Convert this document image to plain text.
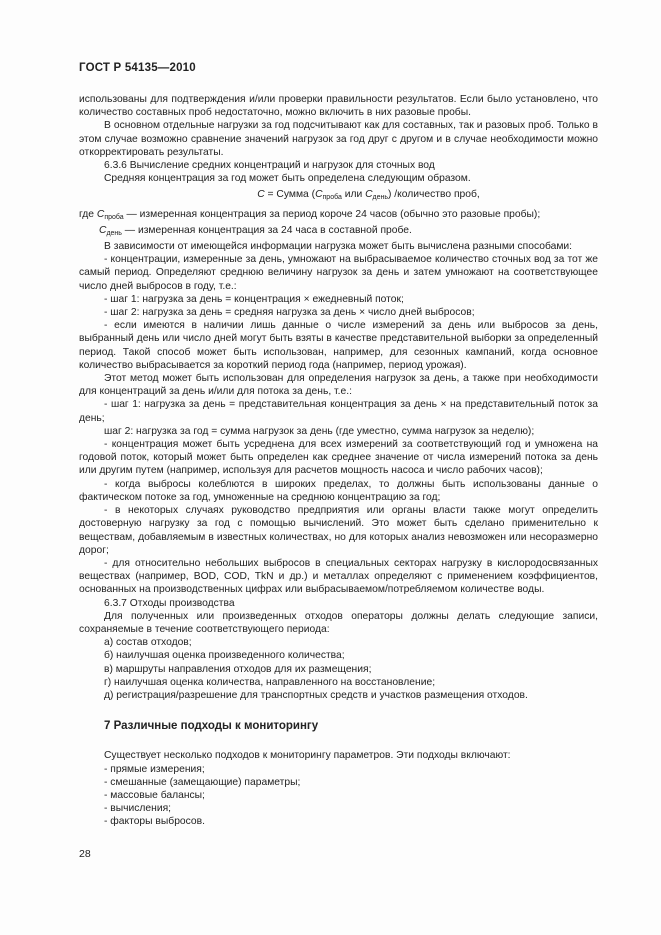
ГОСТ Р 54135—2010

использованы для подтверждения и/или проверки правильности результатов. Если было установлено, что количество составных проб недостаточно, можно включить в них разовые пробы.

В основном отдельные нагрузки за год подсчитывают как для составных, так и разовых проб. Только в этом случае возможно сравнение значений нагрузок за год друг с другом и в случае необходимости можно откорректировать результаты.

6.3.6 Вычисление средних концентраций и нагрузок для сточных вод

Средняя концентрация за год может быть определена следующим образом.

C = Сумма ($C_{проба}$ или $C_{день}$) /количество проб,

где $C_{проба}$ — измеренная концентрация за период короче 24 часов (обычно это разовые пробы);

$C_{день}$ — измеренная концентрация за 24 часа в составной пробе.

В зависимости от имеющейся информации нагрузка может быть вычислена разными способами:

- концентрации, измеренные за день, умножают на выбрасываемое количество сточных вод за тот же самый период. Определяют среднюю величину нагрузок за день и затем умножают на соответствующее число дней выбросов в году, т.е.:

- шаг 1: нагрузка за день = концентрация × ежедневный поток;

- шаг 2: нагрузка за день = средняя нагрузка за день × число дней выбросов;

- если имеются в наличии лишь данные о числе измерений за день или выбросов за день, выбранный день или число дней могут быть взяты в качестве представительной выборки за определенный период. Такой способ может быть использован, например, для сезонных кампаний, когда основное количество выбрасывается за короткий период года (например, период урожая).

Этот метод может быть использован для определения нагрузок за день, а также при необходимости для концентраций за день и/или для потока за день, т.е.:

- шаг 1: нагрузка за день = представительная концентрация за день × на представительный поток за день;

шаг 2: нагрузка за год = сумма нагрузок за день (где уместно, сумма нагрузок за неделю);

- концентрация может быть усреднена для всех измерений за соответствующий год и умножена на годовой поток, который может быть определен как среднее значение от числа измерений потока за день или другим путем (например, используя для расчетов мощность насоса и число рабочих часов);

- когда выбросы колеблются в широких пределах, то должны быть использованы данные о фактическом потоке за год, умноженные на среднюю концентрацию за год;

- в некоторых случаях руководство предприятия или органы власти также могут определить достоверную нагрузку за год с помощью вычислений. Это может быть сделано применительно к веществам, добавляемым в известных количествах, но для которых анализ невозможен или несоразмерно дорог;

- для относительно небольших выбросов в специальных секторах нагрузку в кислородосвязанных веществах (например, BOD, COD, TkN и др.) и металлах определяют с применением коэффициентов, основанных на производственных цифрах или выбрасываемом/потребляемом количестве воды.

6.3.7 Отходы производства

Для полученных или произведенных отходов операторы должны делать следующие записи, сохраняемые в течение соответствующего периода:

а) состав отходов;

б) наилучшая оценка произведенного количества;

в) маршруты направления отходов для их размещения;

г) наилучшая оценка количества, направленного на восстановление;

д) регистрация/разрешение для транспортных средств и участков размещения отходов.

7 Различные подходы к мониторингу

Существует несколько подходов к мониторингу параметров. Эти подходы включают:

- прямые измерения;

- смешанные (замещающие) параметры;

- массовые балансы;

- вычисления;

- факторы выбросов.

28
